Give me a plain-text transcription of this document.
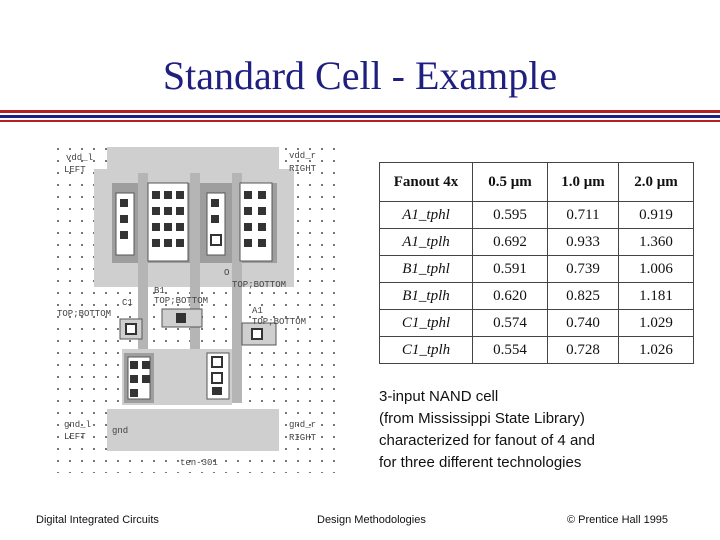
Standard Cell - Example
vdd_l
LEFT
vdd_r
RIGHT
B1
TOP;BOTTOM
O
TOP;BOTTOM
C1
TOP;BOTTOM	A1
TOP;BOTTOM
gnd_l
LEFT
gnd
gnd_r
RIGHT
ten-301
Fanout 4x	0.5 μm	1.0 μm	2.0 μm
A1_tphl	0.595	0.711	0.919
A1_tplh	0.692	0.933	1.360
B1_tphl	0.591	0.739	1.006
B1_tplh	0.620	0.825	1.181
C1_tphl	0.574	0.740	1.029
C1_tplh	0.554	0.728	1.026
3-input NAND cell
(from Mississippi State Library)
characterized for fanout of 4 and
for three different technologies
Digital Integrated Circuits	Design Methodologies	© Prentice Hall 1995
